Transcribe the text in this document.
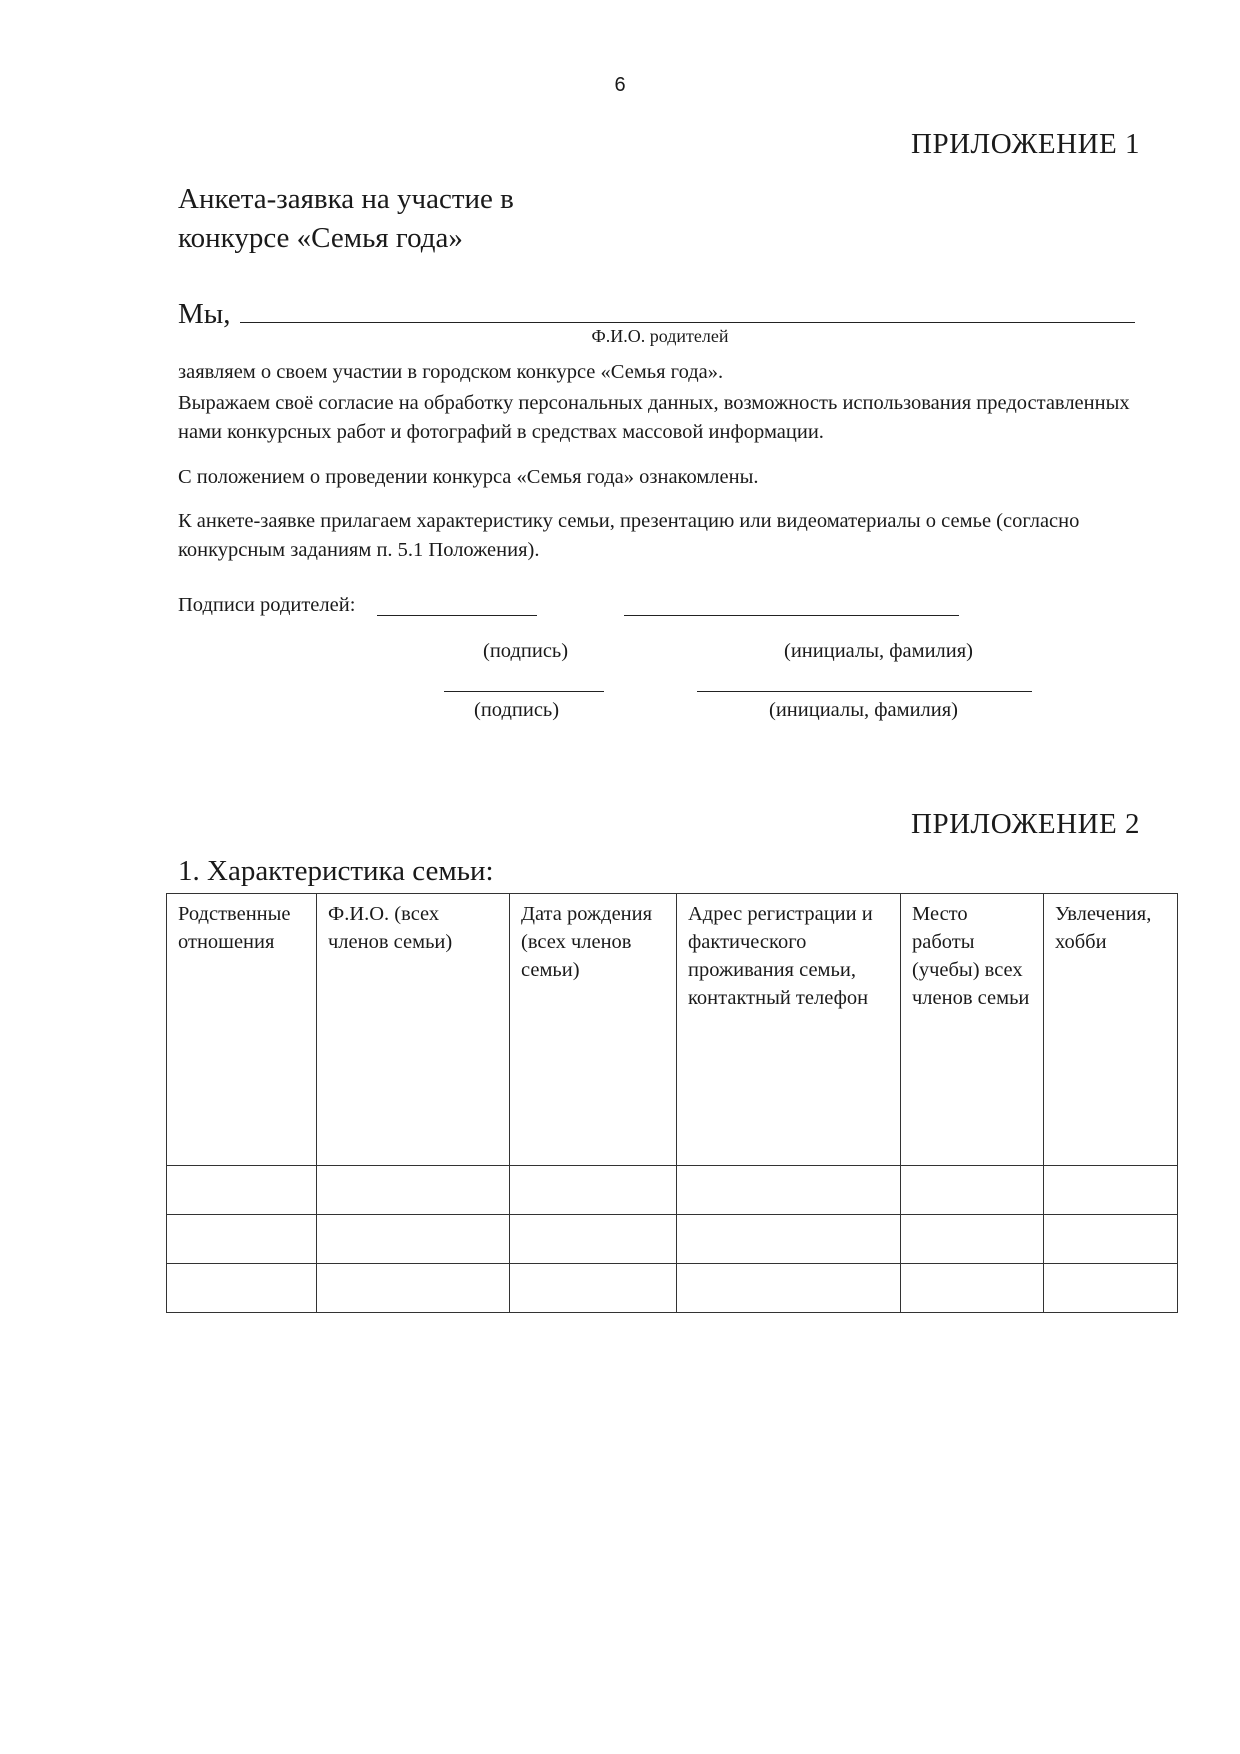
6
ПРИЛОЖЕНИЕ 1
Анкета-заявка на участие в конкурсе «Семья года»
Мы,
Ф.И.О. родителей
заявляем о своем участии в городском конкурсе «Семья года».
Выражаем своё согласие на обработку персональных данных, возможность использования предоставленных нами конкурсных работ и фотографий в средствах массовой информации.
С положением о проведении конкурса «Семья года» ознакомлены.
К анкете-заявке прилагаем характеристику семьи, презентацию или видеоматериалы о семье (согласно конкурсным заданиям п. 5.1 Положения).
Подписи родителей:
(подпись)	(инициалы, фамилия)
(подпись)	(инициалы, фамилия)
ПРИЛОЖЕНИЕ 2
1. Характеристика семьи:
Родственные отношения	Ф.И.О. (всех членов семьи)	Дата рождения (всех членов семьи)	Адрес регистрации и фактического проживания семьи, контактный телефон	Место работы (учебы) всех членов семьи	Увлечения, хобби
